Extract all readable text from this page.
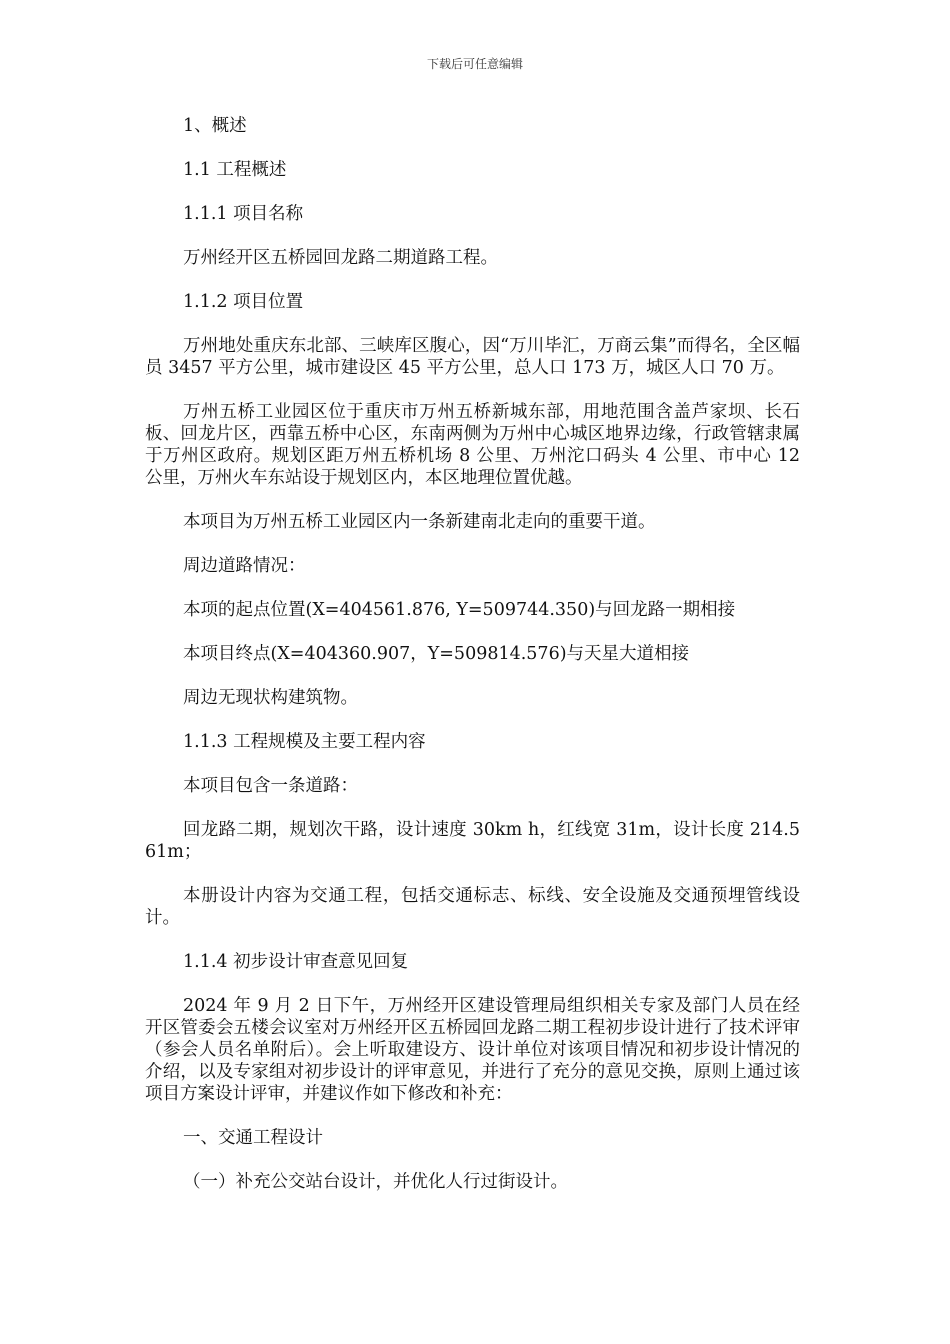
下载后可任意编辑

1、概述

1.1 工程概述

1.1.1 项目名称

万州经开区五桥园回龙路二期道路工程。

1.1.2 项目位置

万州地处重庆东北部、三峡库区腹心，因“万川毕汇，万商云集”而得名，全区幅员 3457 平方公里，城市建设区 45 平方公里，总人口 173 万，城区人口 70 万。

万州五桥工业园区位于重庆市万州五桥新城东部，用地范围含盖芦家坝、长石板、回龙片区，西靠五桥中心区，东南两侧为万州中心城区地界边缘，行政管辖隶属于万州区政府。规划区距万州五桥机场 8 公里、万州沱口码头 4 公里、市中心 12 公里，万州火车东站设于规划区内，本区地理位置优越。

本项目为万州五桥工业园区内一条新建南北走向的重要干道。

周边道路情况：

本项的起点位置(X=404561.876, Y=509744.350)与回龙路一期相接

本项目终点(X=404360.907，Y=509814.576)与天星大道相接

周边无现状构建筑物。

1.1.3 工程规模及主要工程内容

本项目包含一条道路：

回龙路二期，规划次干路，设计速度 30km h，红线宽 31m，设计长度 214.561m；

本册设计内容为交通工程，包括交通标志、标线、安全设施及交通预埋管线设计。

1.1.4 初步设计审查意见回复

2024 年 9 月 2 日下午，万州经开区建设管理局组织相关专家及部门人员在经开区管委会五楼会议室对万州经开区五桥园回龙路二期工程初步设计进行了技术评审（参会人员名单附后）。会上听取建设方、设计单位对该项目情况和初步设计情况的介绍，以及专家组对初步设计的评审意见，并进行了充分的意见交换，原则上通过该项目方案设计评审，并建议作如下修改和补充：

一、交通工程设计

（一）补充公交站台设计，并优化人行过街设计。
